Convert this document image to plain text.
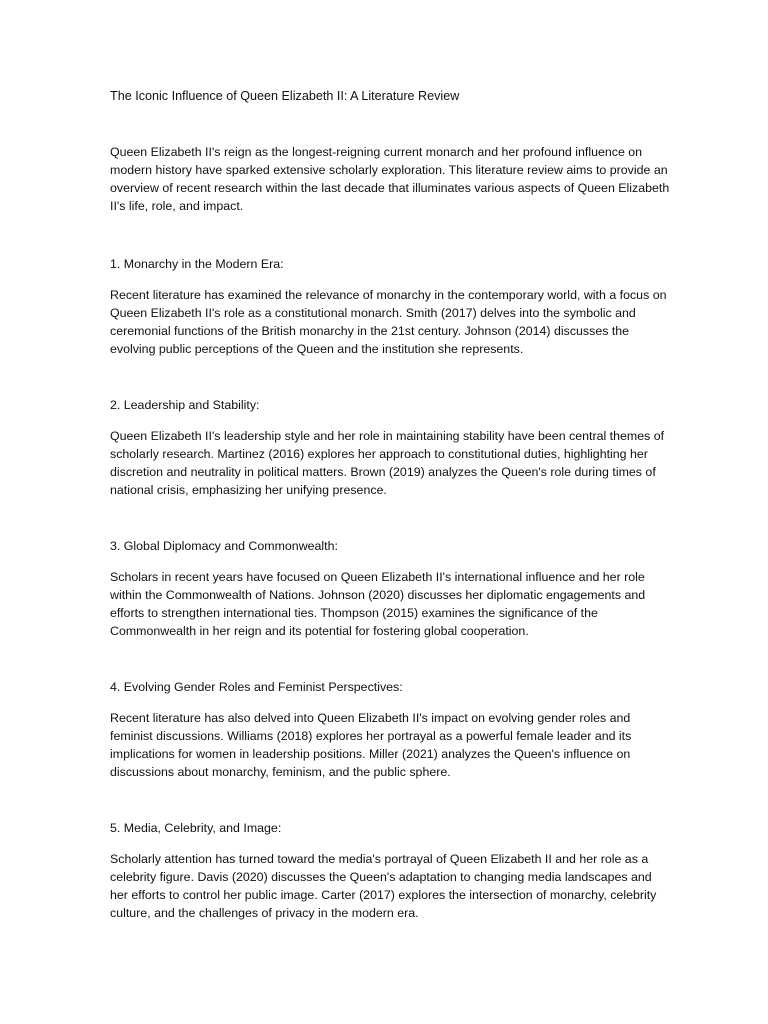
The Iconic Influence of Queen Elizabeth II: A Literature Review

Queen Elizabeth II's reign as the longest-reigning current monarch and her profound influence on modern history have sparked extensive scholarly exploration. This literature review aims to provide an overview of recent research within the last decade that illuminates various aspects of Queen Elizabeth II's life, role, and impact.

1. Monarchy in the Modern Era:

Recent literature has examined the relevance of monarchy in the contemporary world, with a focus on Queen Elizabeth II's role as a constitutional monarch. Smith (2017) delves into the symbolic and ceremonial functions of the British monarchy in the 21st century. Johnson (2014) discusses the evolving public perceptions of the Queen and the institution she represents.

2. Leadership and Stability:

Queen Elizabeth II's leadership style and her role in maintaining stability have been central themes of scholarly research. Martinez (2016) explores her approach to constitutional duties, highlighting her discretion and neutrality in political matters. Brown (2019) analyzes the Queen's role during times of national crisis, emphasizing her unifying presence.

3. Global Diplomacy and Commonwealth:

Scholars in recent years have focused on Queen Elizabeth II's international influence and her role within the Commonwealth of Nations. Johnson (2020) discusses her diplomatic engagements and efforts to strengthen international ties. Thompson (2015) examines the significance of the Commonwealth in her reign and its potential for fostering global cooperation.

4. Evolving Gender Roles and Feminist Perspectives:

Recent literature has also delved into Queen Elizabeth II's impact on evolving gender roles and feminist discussions. Williams (2018) explores her portrayal as a powerful female leader and its implications for women in leadership positions. Miller (2021) analyzes the Queen's influence on discussions about monarchy, feminism, and the public sphere.

5. Media, Celebrity, and Image:

Scholarly attention has turned toward the media's portrayal of Queen Elizabeth II and her role as a celebrity figure. Davis (2020) discusses the Queen's adaptation to changing media landscapes and her efforts to control her public image. Carter (2017) explores the intersection of monarchy, celebrity culture, and the challenges of privacy in the modern era.
